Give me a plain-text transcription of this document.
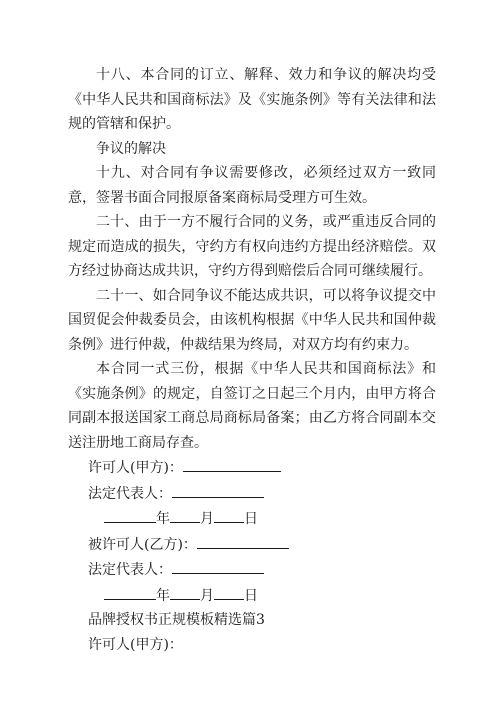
十八、本合同的订立、解释、效力和争议的解决均受《中华人民共和国商标法》及《实施条例》等有关法律和法规的管辖和保护。

争议的解决

十九、对合同有争议需要修改，必须经过双方一致同意，签署书面合同报原备案商标局受理方可生效。

二十、由于一方不履行合同的义务，或严重违反合同的规定而造成的损失，守约方有权向违约方提出经济赔偿。双方经过协商达成共识，守约方得到赔偿后合同可继续履行。

二十一、如合同争议不能达成共识，可以将争议提交中国贸促会仲裁委员会，由该机构根据《中华人民共和国仲裁条例》进行仲裁，仲裁结果为终局，对双方均有约束力。

本合同一式三份，根据《中华人民共和国商标法》和《实施条例》的规定，自签订之日起三个月内，由甲方将合同副本报送国家工商总局商标局备案；由乙方将合同副本交送注册地工商局存查。

许可人(甲方)：

法定代表人：

年 月 日

被许可人(乙方)：

法定代表人：

年 月 日

品牌授权书正规模板精选篇3

许可人(甲方)：
